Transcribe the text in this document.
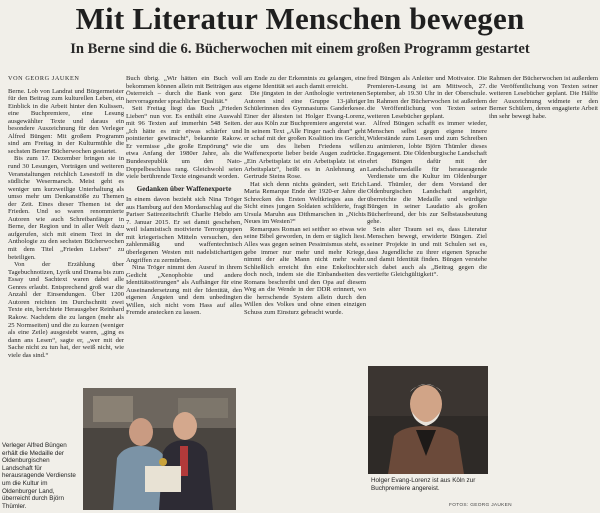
Mit Literatur Menschen bewegen
In Berne sind die 6. Bücherwochen mit einem großen Programm gestartet
VON GEORG JAUKEN

Berne. Lob von Landrat und Bürgermeister für den Beitrag zum kulturellen Leben, ein Einblick in die Arbeit hinter den Kulissen, eine Buchpremiere, eine Lesung ausgewählter Texte und daraus ein besondere Auszeichnung für den Verleger Alfred Büngen: Mit großem Programm sind am Freitag in der Kulturmühle die sechsten Berner Bücherwochen gestartet.

Bis zum 17. Dezember bringen sie in rund 30 Lesungen, Vorträgen und weiteren Veranstaltungen reichlich Lesestoff in die südliche Wesermarsch. Meist geht es weniger um kurzweilige Unterhaltung als umso mehr um Denkanstöße zu Themen der Zeit. Eines dieser Themen ist der Frieden. Und so waren renommierte Autoren wie auch Schreibanfänger in Berne, der Region und in aller Welt dazu aufgerufen, sich mit einem Text in der Anthologie zu den sechsten Bücherwochen mit dem Titel „Frieden Lieben“ zu beteiligen.

Von der Erzählung über Tagebuchnotizen, Lyrik und Drama bis zum Essay und Sachtext waren dabei alle Genres erlaubt. Entsprechend groß war die Anzahl der Einsendungen. Über 1200 Autoren reichten im Durchschnitt zwei Texte ein, berichtete Herausgeber Reinhard Rakow. Nachdem die zu langen (mehr als 25 Normseiten) und die zu kurzen (weniger als eine Zeile) ausgesiebt waren, „ging es dann ans Lesen“, sagte er, „wer mit der Sache nicht zu tun hat, der weiß nicht, wie viele das sind.“

Buch übrig. „Wir hätten ein Buch voll bekommen können allein mit Beiträgen aus Österreich – durch die Bank von ganz hervorragender sprachlicher Qualität.“

Seit Freitag liegt das Buch „Frieden Lieben“ nun vor. Es enthält eine Auswahl mit 96 Texten auf immerhin 548 Seiten. „Ich hätte es mir etwas schärfer und pointierter gewünscht“, bekannte Rakow. Er vermisse „die große Empörung“ wie etwa Anfang der 1980er Jahre, als die Bundesrepublik um den Nato-Doppelbeschluss rang. Gleichwohl seien viele berührende Texte eingesandt worden.

Gedanken über Waffenexporte

In einem davon bezieht sich Nina Tröger aus Hamburg auf den Mordanschlag auf die Pariser Satirezeitschrift Charlie Hebdo am 7. Januar 2015. Er sei damit geschehen, weil islamistisch motivierte Terrorgruppen mit kriegerischen Mitteln versuchen, den zahlenmäßig und waffentechnisch überlegenen Westen mit nadelstichartigen Angriffen zu zermürben.

Nina Tröger nimmt den Ausruf in ihrem Gedicht „Xenophobie und andere Identitätsstörungen“ als Aufhänger für eine Auseinandersetzung mit der Identität, den eigenen Ängsten und dem unbedingten Willen, sich nicht vom Hass auf alles Fremde anstecken zu lassen.

am Ende zu der Erkenntnis zu gelangen, eine eigene Identität sei auch damit erreicht.

Die jüngsten in der Anthologie vertretenen Autoren sind eine Gruppe 13-jähriger Schülerinnen des Gymnasiums Ganderkesee. Einer der ältesten ist Holger Evang-Lorenz, der aus Köln zur Buchpremiere angereist war. In seinem Text „Alle Finger nach dran“ geht er schaf mit der großen Koalition ins Gericht, die um des lieben Friedens willen Waffenexporte lieber beide Augen zudrücke. „Ein Arbeitsplatz ist ein Arbeitsplatz ist ein Arbeitsplatz“, heißt es in Anlehnung an Gertrude Steins Rose.

Hat sich denn nichts geändert, seit Erich Maria Remarque Ende der 1920-er Jahre die Schrecken des Ersten Weltkrieges aus der Sicht eines jungen Soldaten schilderte, fragt Ursula Maruhn aus Dithmarschen in „Nichts Neues im Westen?“

Remarques Roman sei seither so etwas wie seine Bibel geworden, in dem er täglich liest. Alles was gegen seinen Pessimismus steht, es gebe immer nur mehr und mehr Kriege, nimmt der alte Mann nicht mehr wahr. Schließlich erreicht ihn eine Enkeltochter doch noch, indem sie die Einbandseiten des Romans beschreibt und den Opa auf diesem Weg an die Wende in der DDR erinnert, wo die herrschende System allein durch den Willen des Volkes und ohne einen einzigen Schuss zum Einsturz gebracht wurde.

fred Büngen als Anleiter und Motivator. Die Premieren-Lesung ist am Mittwoch, 27. September, ab 19.30 Uhr in der Oberschule. Im Rahmen der Bücherwochen ist außerdem die Veröffentlichung von Texten seiner weiteren Lesebücher geplant.

Alfred Büngen schafft es immer wieder, Menschen selbst gegen eigene innere Widerstände zum Lesen und zum Schreiben zu animieren, lobte Björn Thümler dieses Engagement. Die Oldenburgische Landschaft ehrt Büngen dafür mit der Landschaftsmedaille für herausragende Verdienste um die Kultur im Oldenburger Land. Thümler, der dem Vorstand der Oldenburgischen Landschaft angehört, überreichte die Medaille und würdigte Büngen in seiner Laudatio als großen Bücherfreund, der bis zur Selbstausbeutung gehe.

Sein alter Traum sei es, dass Literatur Menschen bewegt, erwiderte Büngen. Ziel seiner Projekte in und mit Schulen sei es, dass Jugendliche zu ihrer eigenen Sprache und damit Identität finden. Büngen verstehe sich dabei auch als „Beitrag gegen die vertiefte Gleichgültigkeit“.

Rahmen der Bücherwochen ist außerdem die Veröffentlichung von Texten seiner weiteren Lesebücher geplant. Die Hälfte der Auszeichnung widmete er den Berner Schülern, deren engagierte Arbeit ihn sehr bewegt habe.

Verleger Alfred Büngen erhält die Medaille der Oldenburgischen Landschaft für herausragende Verdienste um die Kultur im Oldenburger Land, überreicht durch Björn Thümler.
Holger Evang-Lorenz ist aus Köln zur Buchpremiere angereist.
FOTOS: GEORG JAUKEN
